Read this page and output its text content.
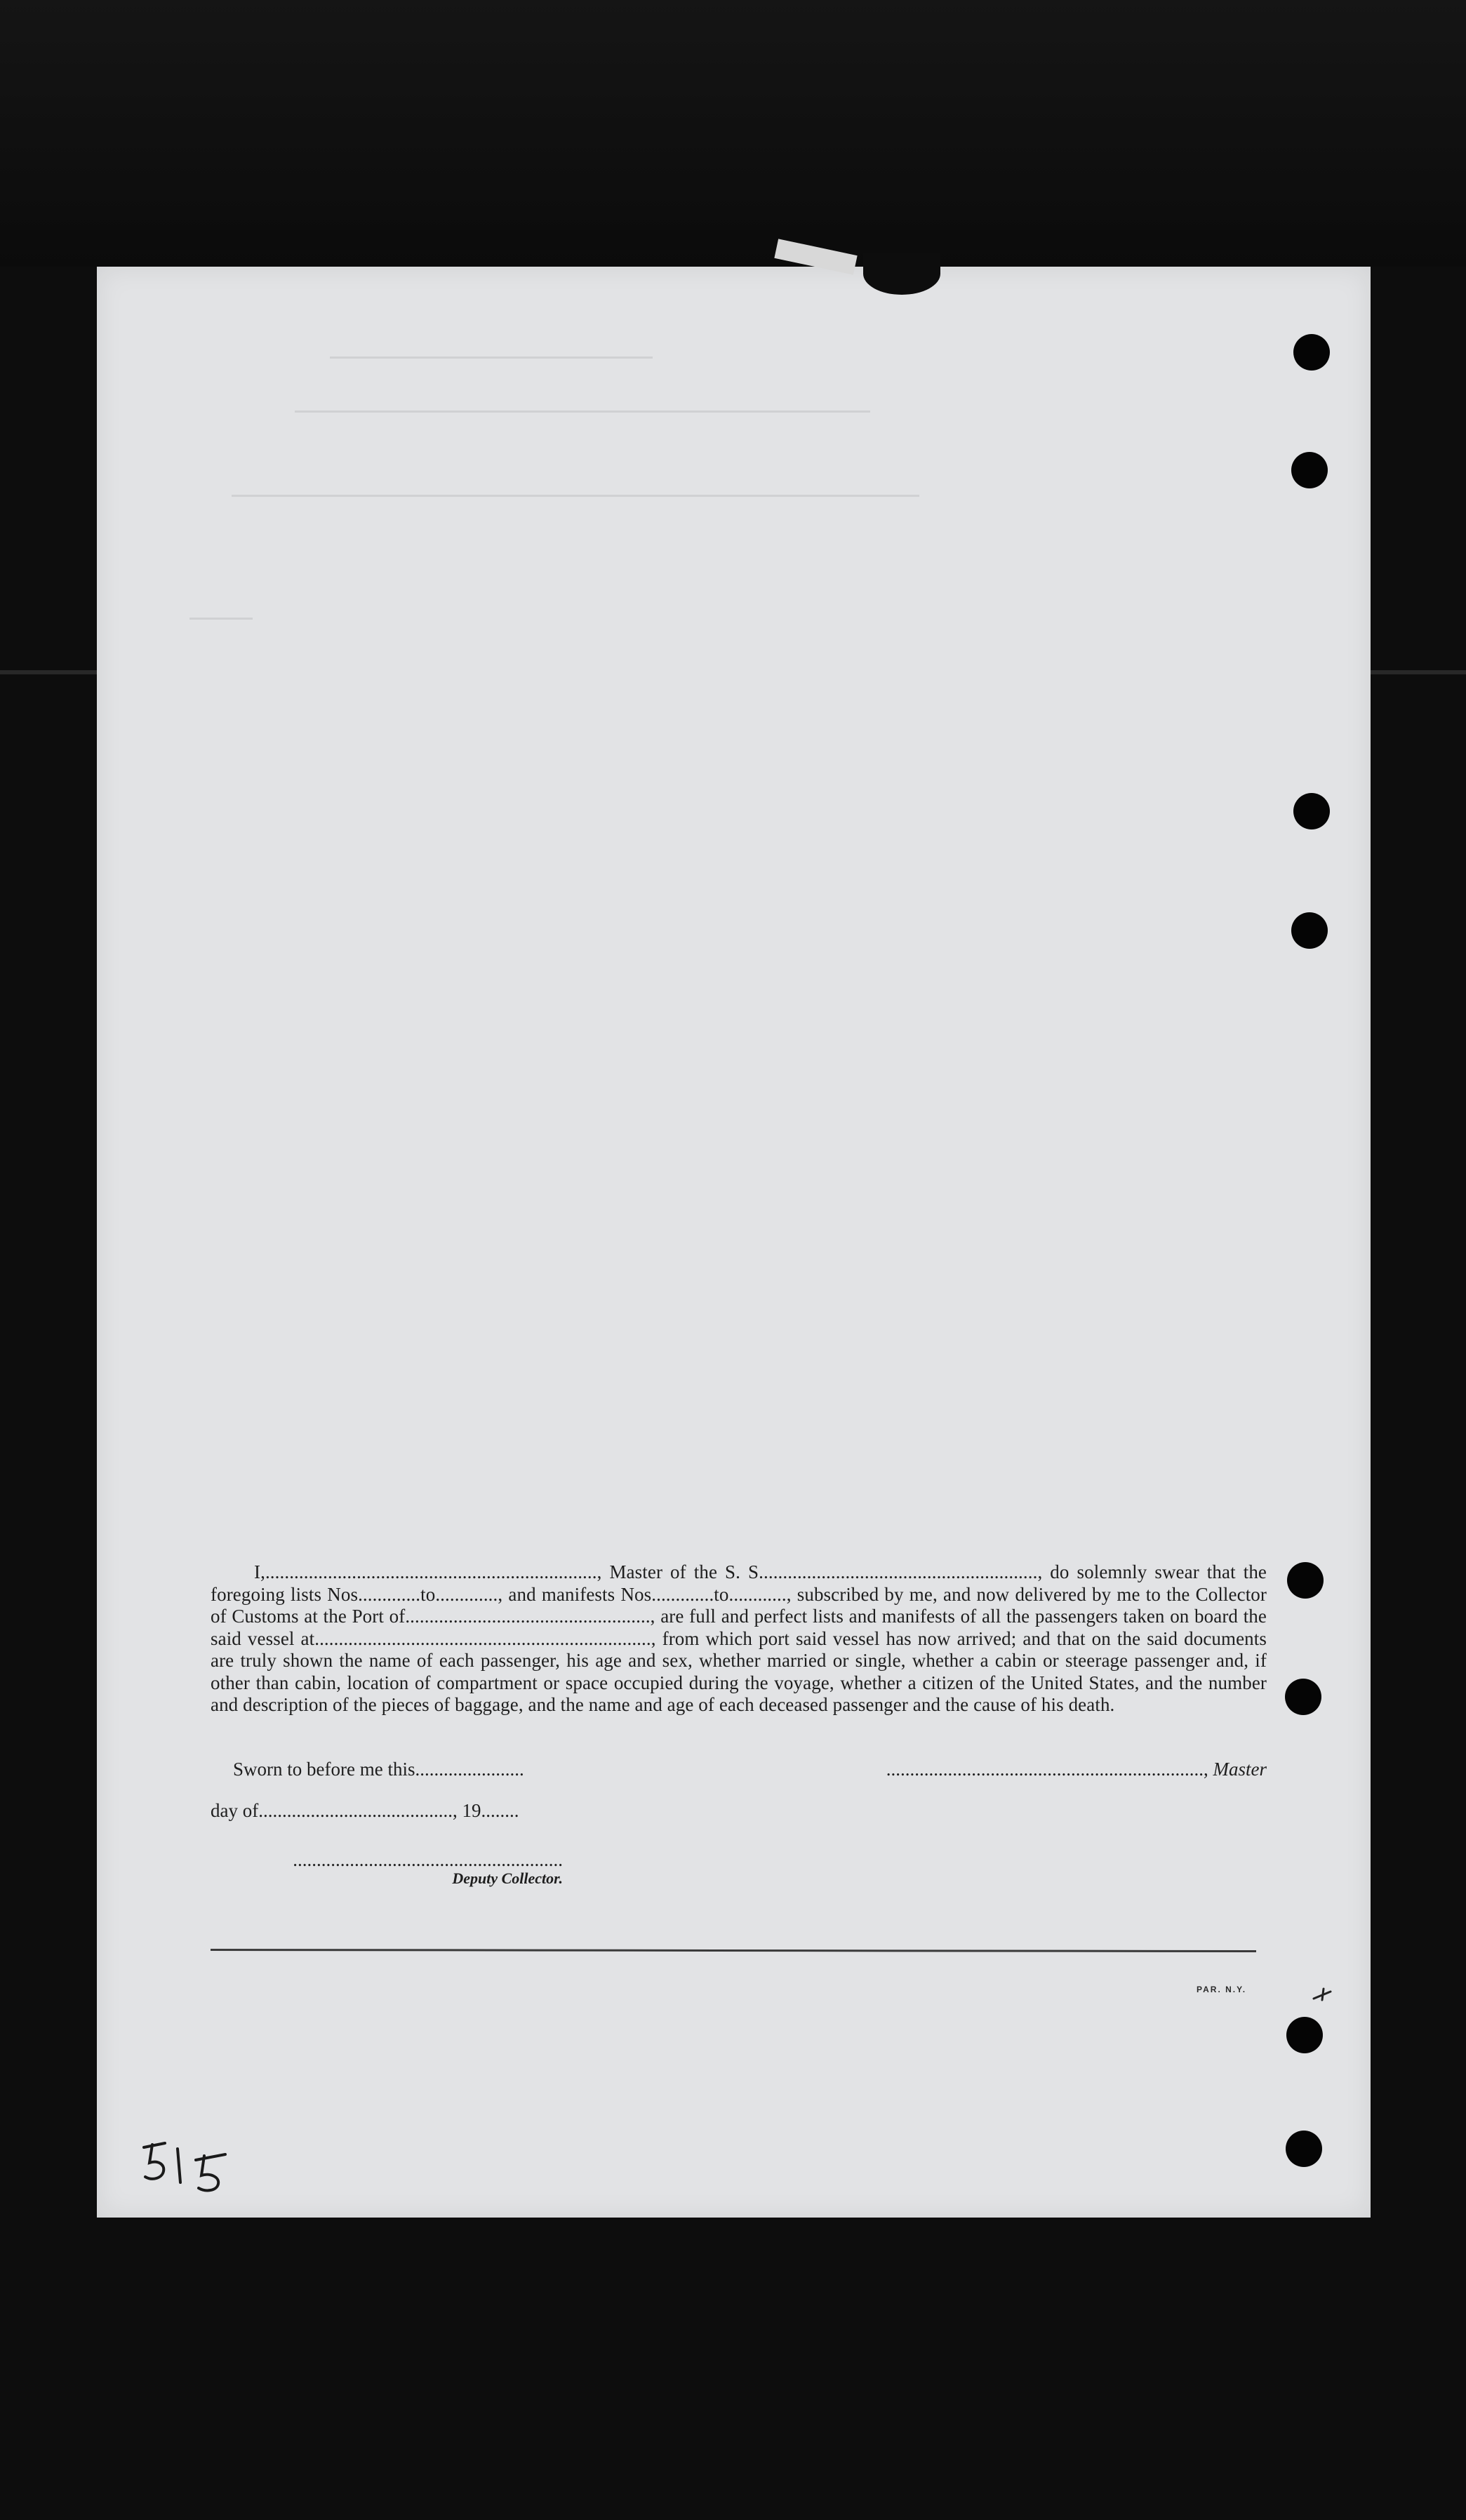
I,....................................................................., Master of the S. S.........................................................., do solemnly swear that the foregoing lists Nos.............to............., and manifests Nos.............to............, subscribed by me, and now delivered by me to the Collector of Customs at the Port of..................................................., are full and perfect lists and manifests of all the passengers taken on board the said vessel at......................................................................, from which port said vessel has now arrived; and that on the said documents are truly shown the name of each passenger, his age and sex, whether married or single, whether a cabin or steerage passenger and, if other than cabin, location of compartment or space occupied during the voyage, whether a citizen of the United States, and the number and description of the pieces of baggage, and the name and age of each deceased passenger and the cause of his death.

Sworn to before me this.......................	..................................................................., Master
day of........................................., 19........
.........................................................
Deputy Collector.
PAR. N.Y.
